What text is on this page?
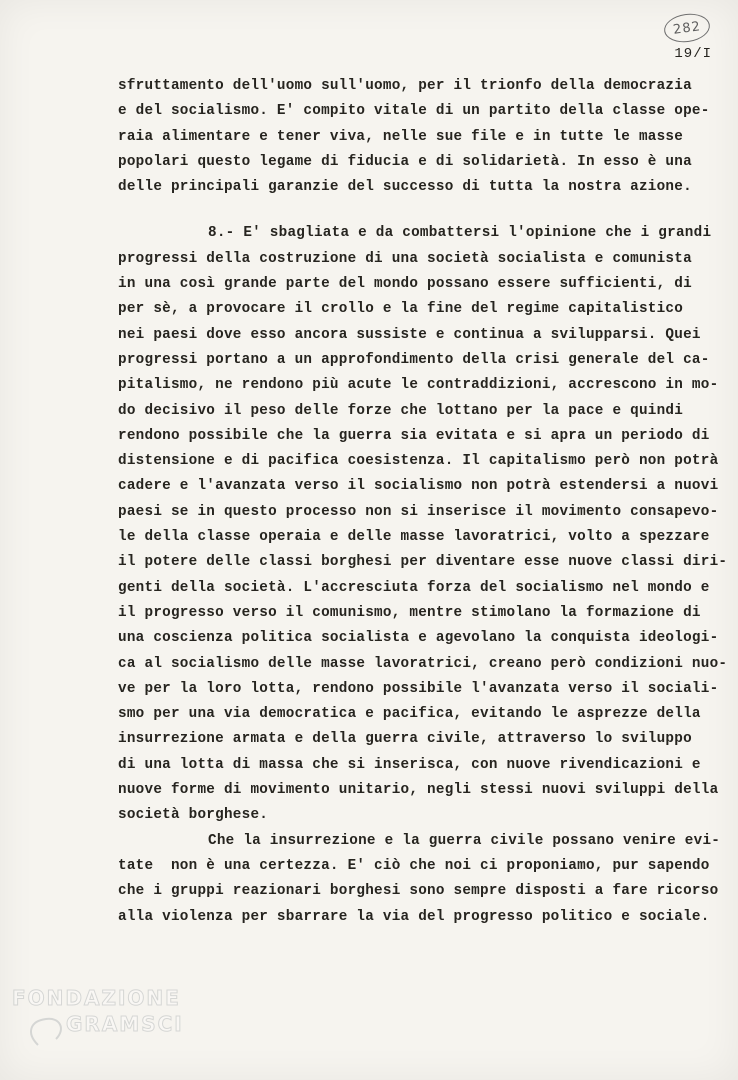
282
19/I
sfruttamento dell'uomo sull'uomo, per il trionfo della democrazia
e del socialismo. E' compito vitale di un partito della classe ope-
raia alimentare e tener viva, nelle sue file e in tutte le masse
popolari questo legame di fiducia e di solidarietà. In esso è una
delle principali garanzie del successo di tutta la nostra azione.
8.- E' sbagliata e da combattersi l'opinione che i grandi
progressi della costruzione di una società socialista e comunista
in una così grande parte del mondo possano essere sufficienti, di
per sè, a provocare il crollo e la fine del regime capitalistico
nei paesi dove esso ancora sussiste e continua a svilupparsi. Quei
progressi portano a un approfondimento della crisi generale del ca-
pitalismo, ne rendono più acute le contraddizioni, accrescono in mo-
do decisivo il peso delle forze che lottano per la pace e quindi
rendono possibile che la guerra sia evitata e si apra un periodo di
distensione e di pacifica coesistenza. Il capitalismo però non potrà
cadere e l'avanzata verso il socialismo non potrà estendersi a nuovi
paesi se in questo processo non si inserisce il movimento consapevo-
le della classe operaia e delle masse lavoratrici, volto a spezzare
il potere delle classi borghesi per diventare esse nuove classi diri-
genti della società. L'accresciuta forza del socialismo nel mondo e
il progresso verso il comunismo, mentre stimolano la formazione di
una coscienza politica socialista e agevolano la conquista ideologi-
ca al socialismo delle masse lavoratrici, creano però condizioni nuo-
ve per la loro lotta, rendono possibile l'avanzata verso il sociali-
smo per una via democratica e pacifica, evitando le asprezze della
insurrezione armata e della guerra civile, attraverso lo sviluppo
di una lotta di massa che si inserisca, con nuove rivendicazioni e
nuove forme di movimento unitario, negli stessi nuovi sviluppi della
società borghese.
Che la insurrezione e la guerra civile possano venire evi-
tate  non è una certezza. E' ciò che noi ci proponiamo, pur sapendo
che i gruppi reazionari borghesi sono sempre disposti a fare ricorso
alla violenza per sbarrare la via del progresso politico e sociale.
FONDAZIONE
GRAMSCI
